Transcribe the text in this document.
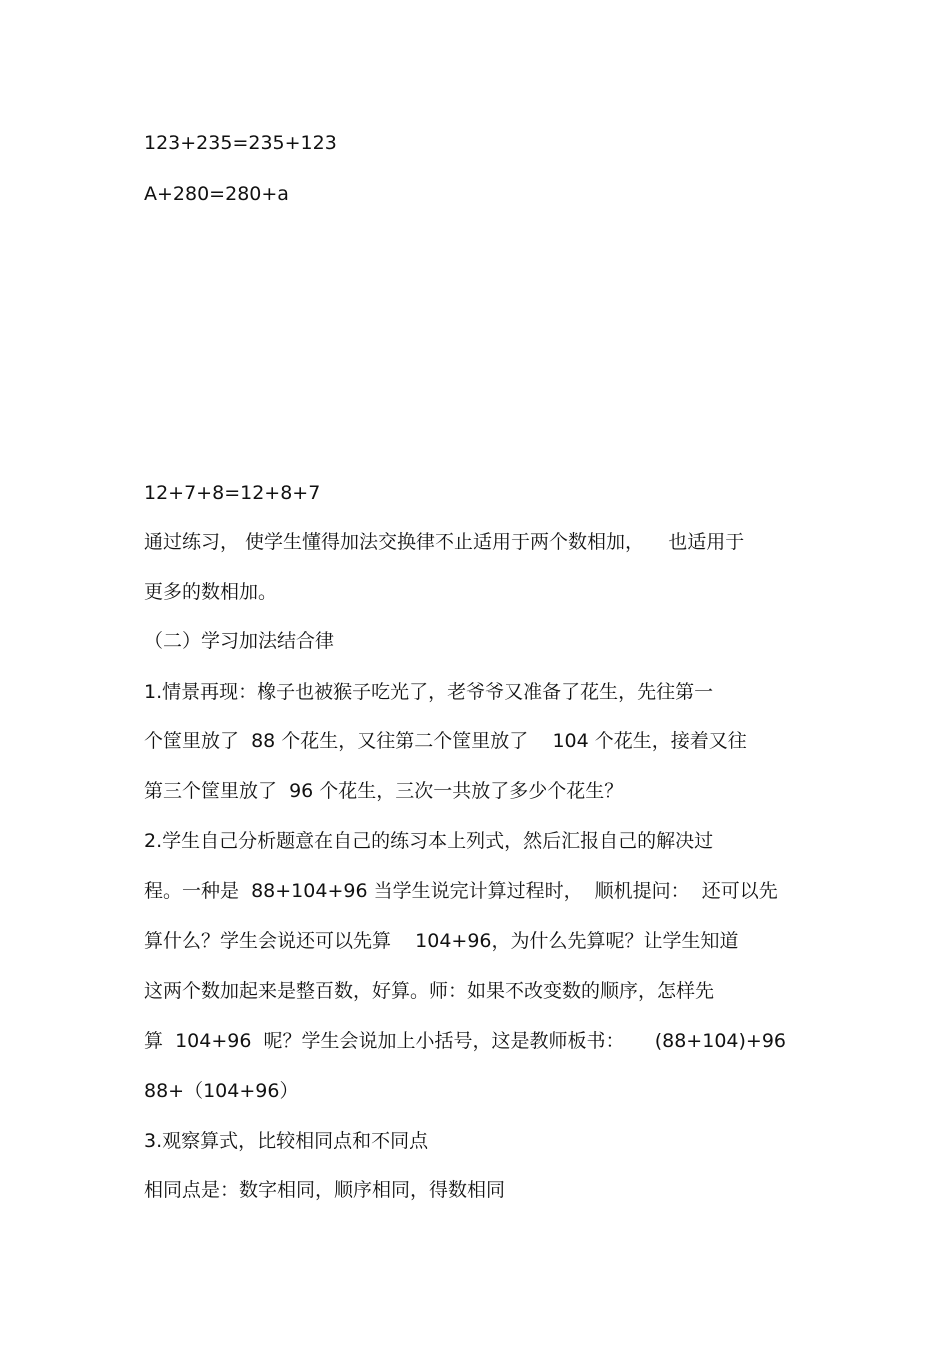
123+235=235+123

A+280=280+a

12+7+8=12+8+7

通过练习， 使学生懂得加法交换律不止适用于两个数相加，    也适用于

更多的数相加。

（二）学习加法结合律

1.情景再现：橡子也被猴子吃光了，老爷爷又准备了花生，先往第一

个筐里放了  88 个花生，又往第二个筐里放了    104 个花生，接着又往

第三个筐里放了  96 个花生，三次一共放了多少个花生？

2.学生自己分析题意在自己的练习本上列式，然后汇报自己的解决过

程。一种是  88+104+96 当学生说完计算过程时，  顺机提问：  还可以先

算什么？学生会说还可以先算    104+96，为什么先算呢？让学生知道

这两个数加起来是整百数，好算。师：如果不改变数的顺序，怎样先

算  104+96  呢？学生会说加上小括号，这是教师板书：     (88+104)+96

88+（104+96）

3.观察算式，比较相同点和不同点

相同点是：数字相同，顺序相同，得数相同
